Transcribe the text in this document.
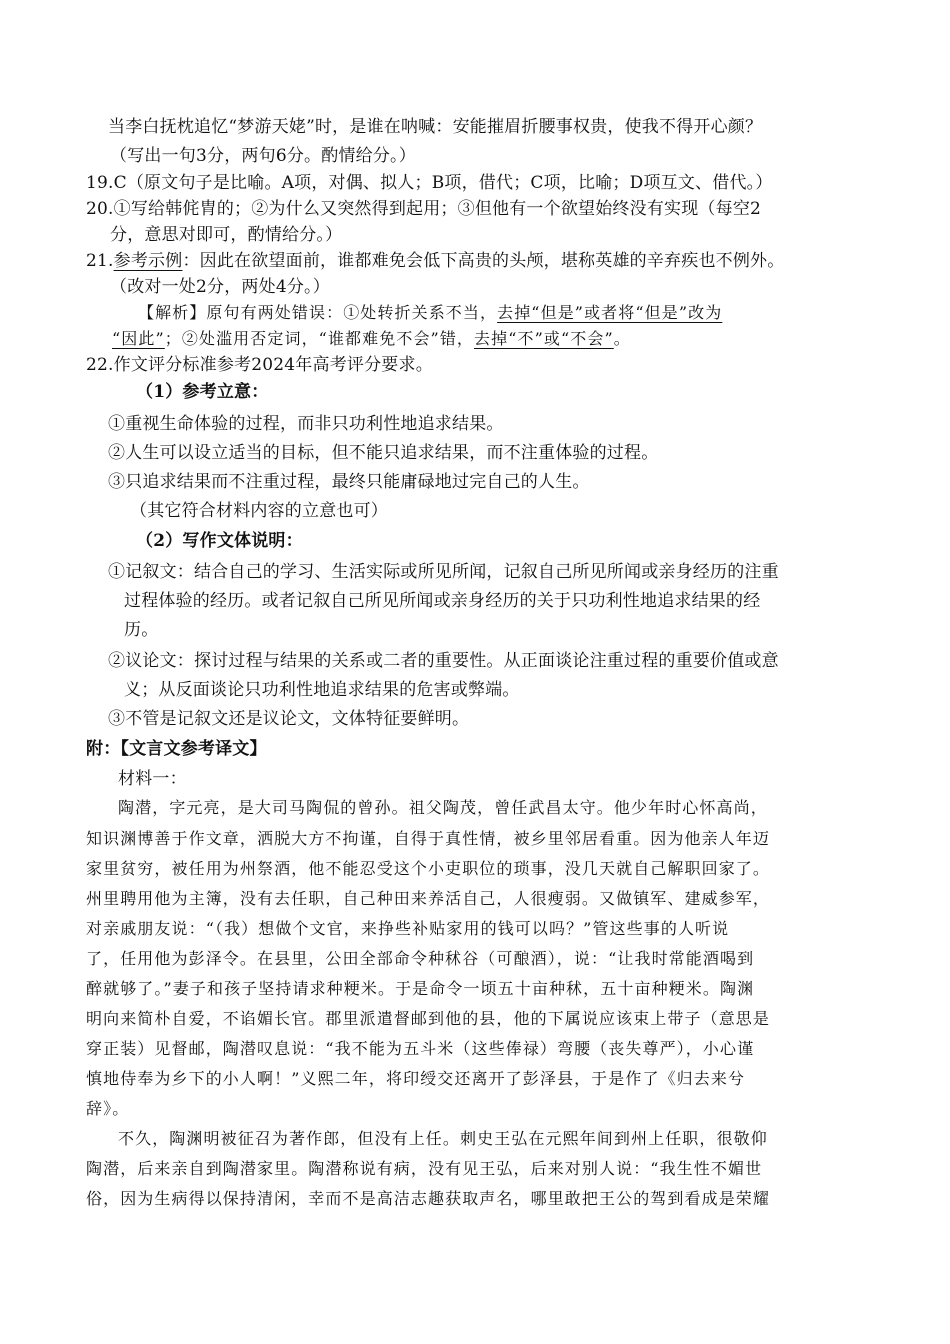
当李白抚枕追忆“梦游天姥”时，是谁在呐喊：安能摧眉折腰事权贵，使我不得开心颜？
（写出一句3分，两句6分。酌情给分。）
19.C（原文句子是比喻。A项，对偶、拟人；B项，借代；C项，比喻；D项互文、借代。）
20.①写给韩侂胄的；②为什么又突然得到起用；③但他有一个欲望始终没有实现（每空2
分，意思对即可，酌情给分。）
21.参考示例：因此在欲望面前，谁都难免会低下高贵的头颅，堪称英雄的辛弃疾也不例外。
（改对一处2分，两处4分。）
【解析】原句有两处错误：①处转折关系不当，去掉“但是”或者将“但是”改为
“因此”；②处滥用否定词，“谁都难免不会”错，去掉“不”或“不会”。
22.作文评分标准参考2024年高考评分要求。
（1）参考立意：
①重视生命体验的过程，而非只功利性地追求结果。
②人生可以设立适当的目标，但不能只追求结果，而不注重体验的过程。
③只追求结果而不注重过程，最终只能庸碌地过完自己的人生。
（其它符合材料内容的立意也可）
（2）写作文体说明：
①记叙文：结合自己的学习、生活实际或所见所闻，记叙自己所见所闻或亲身经历的注重
过程体验的经历。或者记叙自己所见所闻或亲身经历的关于只功利性地追求结果的经
历。
②议论文：探讨过程与结果的关系或二者的重要性。从正面谈论注重过程的重要价值或意
义；从反面谈论只功利性地追求结果的危害或弊端。
③不管是记叙文还是议论文，文体特征要鲜明。
附：【文言文参考译文】
材料一：
陶潜，字元亮，是大司马陶侃的曾孙。祖父陶茂，曾任武昌太守。他少年时心怀高尚，
知识渊博善于作文章，洒脱大方不拘谨，自得于真性情，被乡里邻居看重。因为他亲人年迈
家里贫穷，被任用为州祭酒，他不能忍受这个小吏职位的琐事，没几天就自己解职回家了。
州里聘用他为主簿，没有去任职，自己种田来养活自己，人很瘦弱。又做镇军、建威参军，
对亲戚朋友说：“（我）想做个文官，来挣些补贴家用的钱可以吗？”管这些事的人听说
了，任用他为彭泽令。在县里，公田全部命令种秫谷（可酿酒），说：“让我时常能酒喝到
醉就够了。”妻子和孩子坚持请求种粳米。于是命令一顷五十亩种秫，五十亩种粳米。陶渊
明向来简朴自爱，不谄媚长官。郡里派遣督邮到他的县，他的下属说应该束上带子（意思是
穿正装）见督邮，陶潜叹息说：“我不能为五斗米（这些俸禄）弯腰（丧失尊严），小心谨
慎地侍奉为乡下的小人啊！”义熙二年，将印绶交还离开了彭泽县，于是作了《归去来兮
辞》。
不久，陶渊明被征召为著作郎，但没有上任。刺史王弘在元熙年间到州上任职，很敬仰
陶潜，后来亲自到陶潜家里。陶潜称说有病，没有见王弘，后来对别人说：“我生性不媚世
俗，因为生病得以保持清闲，幸而不是高洁志趣获取声名，哪里敢把王公的驾到看成是荣耀
